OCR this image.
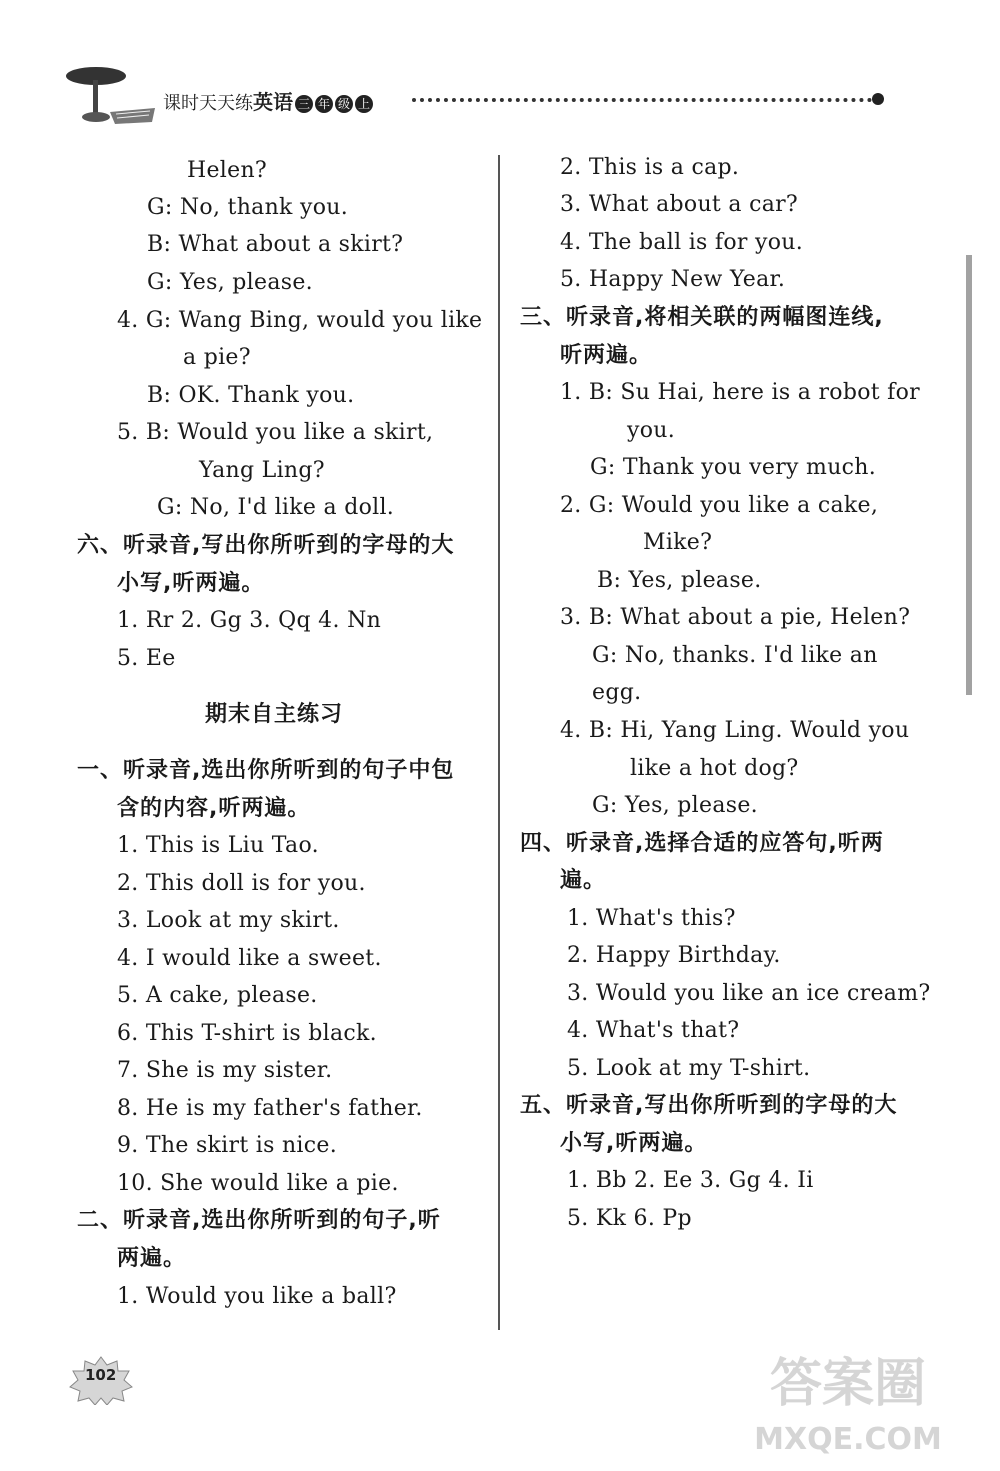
课时天天练英语 三 年 级 上
Helen?
G: No, thank you.
B: What about a skirt?
G: Yes, please.
4. G: Wang Bing, would you like
a pie?
B: OK. Thank you.
5. B: Would you like a skirt,
Yang Ling?
G: No, I'd like a doll.
六、听录音,写出你所听到的字母的大
小写,听两遍。
1. Rr 2. Gg 3. Qq 4. Nn
5. Ee
期末自主练习
一、听录音,选出你所听到的句子中包
含的内容,听两遍。
1. This is Liu Tao.
2. This doll is for you.
3. Look at my skirt.
4. I would like a sweet.
5. A cake, please.
6. This T-shirt is black.
7. She is my sister.
8. He is my father's father.
9. The skirt is nice.
10. She would like a pie.
二、听录音,选出你所听到的句子,听
两遍。
1. Would you like a ball?
2. This is a cap.
3. What about a car?
4. The ball is for you.
5. Happy New Year.
三、听录音,将相关联的两幅图连线,
听两遍。
1. B: Su Hai, here is a robot for
you.
G: Thank you very much.
2. G: Would you like a cake,
Mike?
B: Yes, please.
3. B: What about a pie, Helen?
G: No, thanks. I'd like an
egg.
4. B: Hi, Yang Ling. Would you
like a hot dog?
G: Yes, please.
四、听录音,选择合适的应答句,听两
遍。
1. What's this?
2. Happy Birthday.
3. Would you like an ice cream?
4. What's that?
5. Look at my T-shirt.
五、听录音,写出你所听到的字母的大
小写,听两遍。
1. Bb 2. Ee 3. Gg 4. Ii
5. Kk 6. Pp
102	答案圈
MXQE.COM
